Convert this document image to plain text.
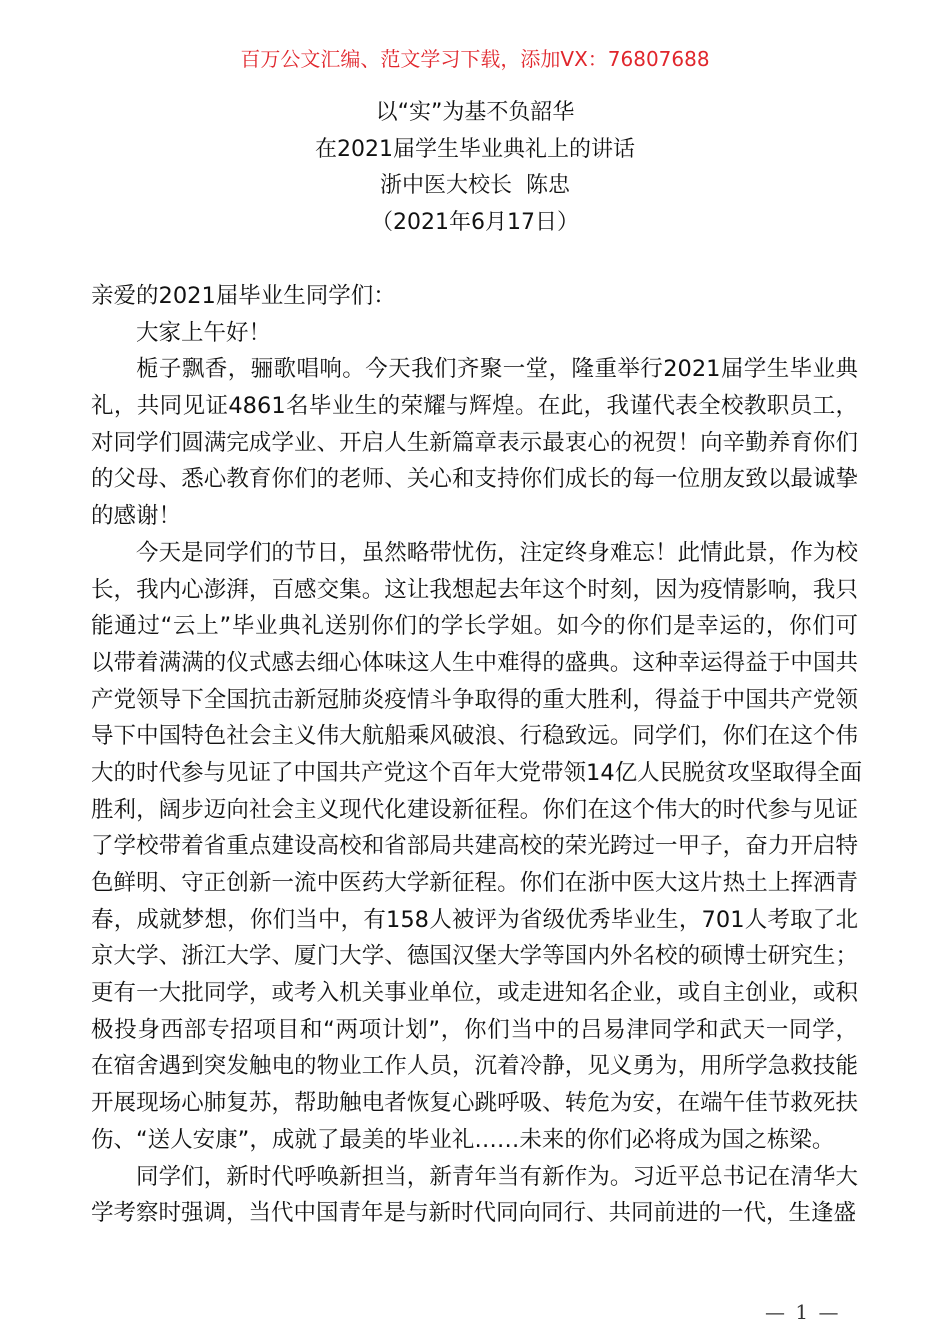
百万公文汇编、范文学习下载，添加VX：76807688
以“实”为基不负韶华
在2021届学生毕业典礼上的讲话
浙中医大校长  陈忠
（2021年6月17日）
亲爱的2021届毕业生同学们：
大家上午好！
栀子飘香，骊歌唱响。今天我们齐聚一堂，隆重举行2021届学生毕业典
礼，共同见证4861名毕业生的荣耀与辉煌。在此，我谨代表全校教职员工，
对同学们圆满完成学业、开启人生新篇章表示最衷心的祝贺！向辛勤养育你们
的父母、悉心教育你们的老师、关心和支持你们成长的每一位朋友致以最诚挚
的感谢！
今天是同学们的节日，虽然略带忧伤，注定终身难忘！此情此景，作为校
长，我内心澎湃，百感交集。这让我想起去年这个时刻，因为疫情影响，我只
能通过“云上”毕业典礼送别你们的学长学姐。如今的你们是幸运的，你们可
以带着满满的仪式感去细心体味这人生中难得的盛典。这种幸运得益于中国共
产党领导下全国抗击新冠肺炎疫情斗争取得的重大胜利，得益于中国共产党领
导下中国特色社会主义伟大航船乘风破浪、行稳致远。同学们，你们在这个伟
大的时代参与见证了中国共产党这个百年大党带领14亿人民脱贫攻坚取得全面
胜利，阔步迈向社会主义现代化建设新征程。你们在这个伟大的时代参与见证
了学校带着省重点建设高校和省部局共建高校的荣光跨过一甲子，奋力开启特
色鲜明、守正创新一流中医药大学新征程。你们在浙中医大这片热土上挥洒青
春，成就梦想，你们当中，有158人被评为省级优秀毕业生，701人考取了北
京大学、浙江大学、厦门大学、德国汉堡大学等国内外名校的硕博士研究生；
更有一大批同学，或考入机关事业单位，或走进知名企业，或自主创业，或积
极投身西部专招项目和“两项计划”，你们当中的吕易津同学和武天一同学，
在宿舍遇到突发触电的物业工作人员，沉着冷静，见义勇为，用所学急救技能
开展现场心肺复苏，帮助触电者恢复心跳呼吸、转危为安，在端午佳节救死扶
伤、“送人安康”，成就了最美的毕业礼……未来的你们必将成为国之栋梁。
同学们，新时代呼唤新担当，新青年当有新作为。习近平总书记在清华大
学考察时强调，当代中国青年是与新时代同向同行、共同前进的一代，生逢盛
— 1 —
